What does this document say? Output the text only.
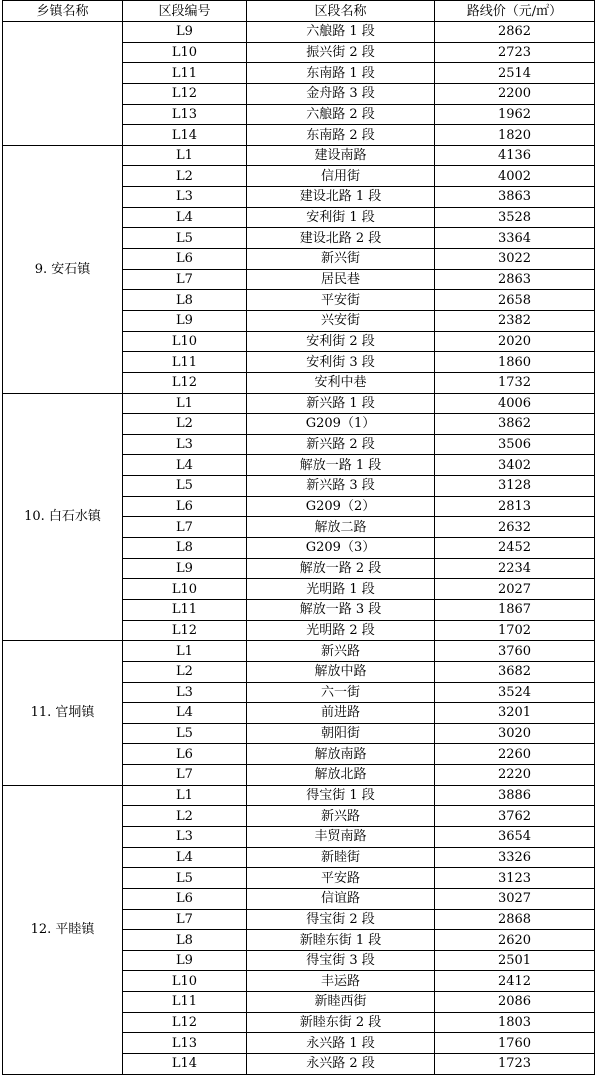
乡镇名称	区段编号	区段名称	路线价（元/㎡）
	L9	六艆路 1 段	2862
	L10	振兴街 2 段	2723
	L11	东南路 1 段	2514
	L12	金舟路 3 段	2200
	L13	六艆路 2 段	1962
	L14	东南路 2 段	1820
9. 安石镇	L1	建设南路	4136
	L2	信用街	4002
	L3	建设北路 1 段	3863
	L4	安利街 1 段	3528
	L5	建设北路 2 段	3364
	L6	新兴街	3022
	L7	居民巷	2863
	L8	平安街	2658
	L9	兴安街	2382
	L10	安利街 2 段	2020
	L11	安利街 3 段	1860
	L12	安利中巷	1732
10. 白石水镇	L1	新兴路 1 段	4006
	L2	G209（1）	3862
	L3	新兴路 2 段	3506
	L4	解放一路 1 段	3402
	L5	新兴路 3 段	3128
	L6	G209（2）	2813
	L7	解放二路	2632
	L8	G209（3）	2452
	L9	解放一路 2 段	2234
	L10	光明路 1 段	2027
	L11	解放一路 3 段	1867
	L12	光明路 2 段	1702
11. 官垌镇	L1	新兴路	3760
	L2	解放中路	3682
	L3	六一街	3524
	L4	前进路	3201
	L5	朝阳街	3020
	L6	解放南路	2260
	L7	解放北路	2220
12. 平睦镇	L1	得宝街 1 段	3886
	L2	新兴路	3762
	L3	丰贸南路	3654
	L4	新睦街	3326
	L5	平安路	3123
	L6	信谊路	3027
	L7	得宝街 2 段	2868
	L8	新睦东街 1 段	2620
	L9	得宝街 3 段	2501
	L10	丰运路	2412
	L11	新睦西街	2086
	L12	新睦东街 2 段	1803
	L13	永兴路 1 段	1760
	L14	永兴路 2 段	1723
